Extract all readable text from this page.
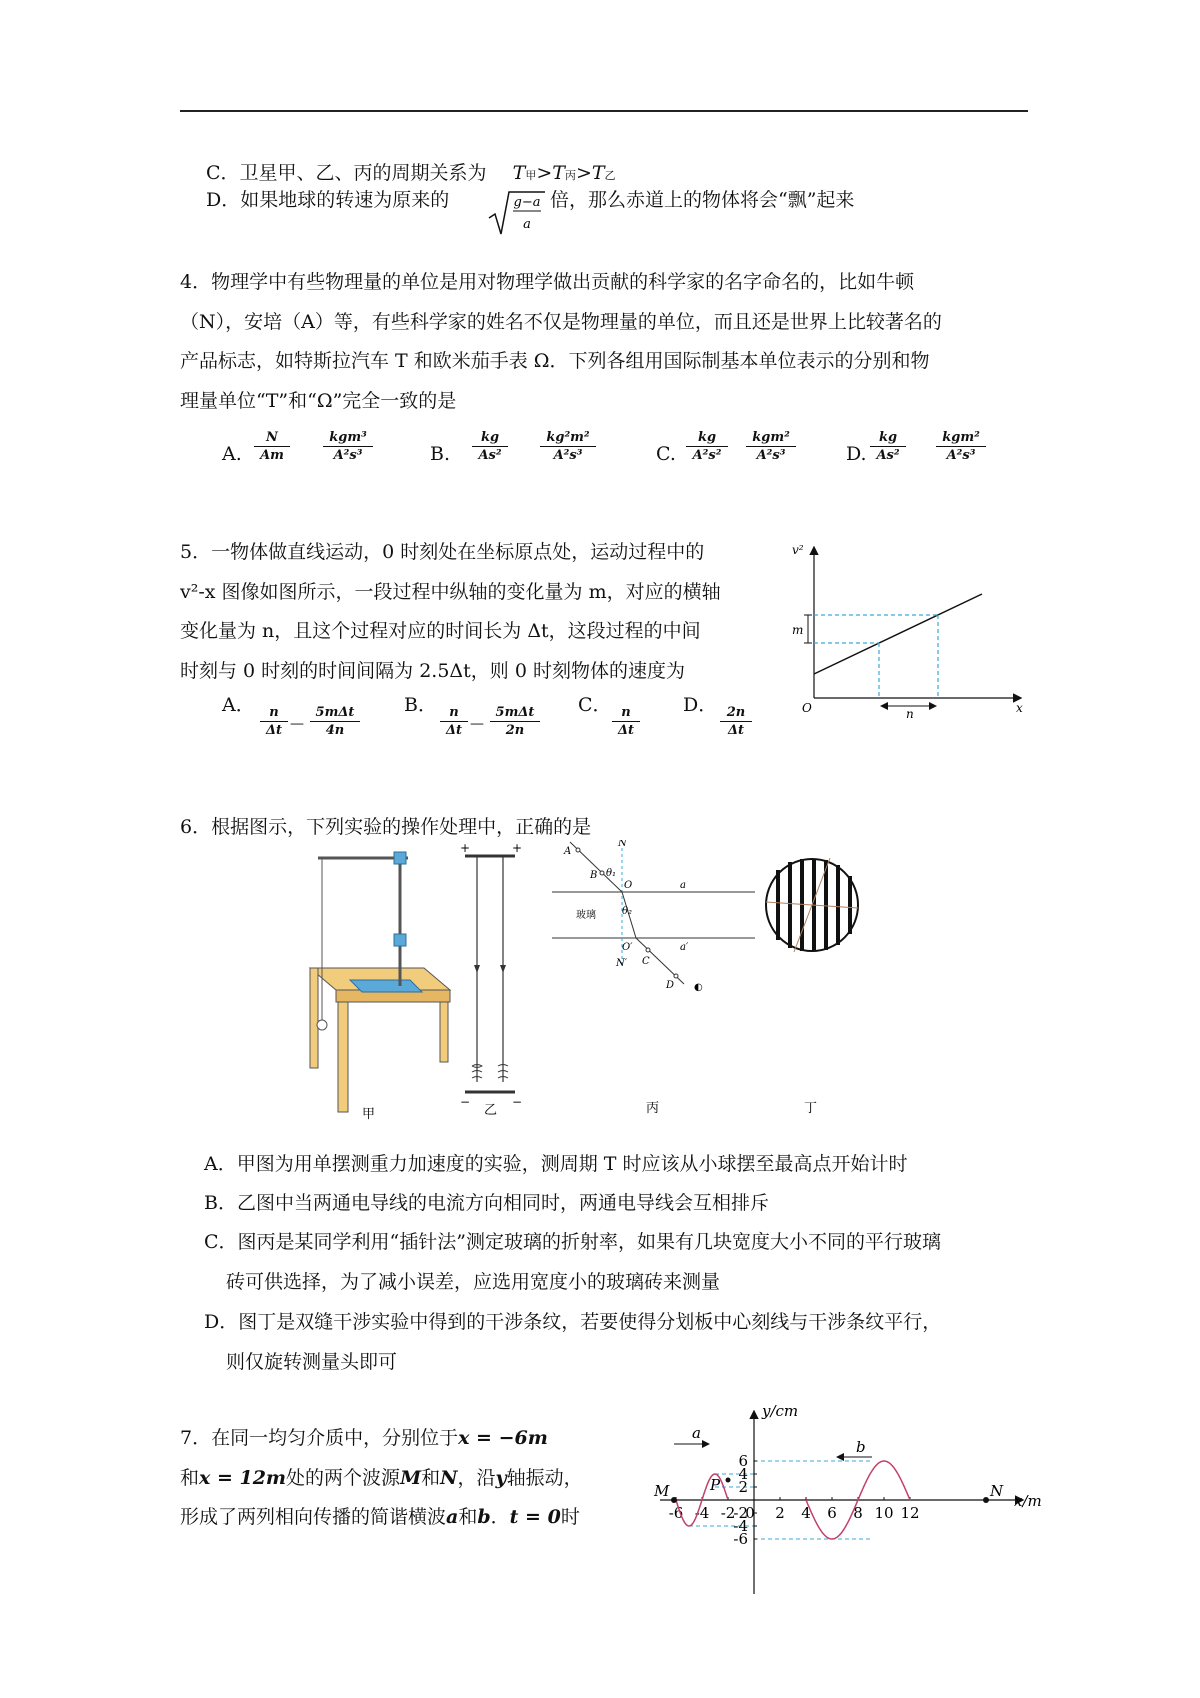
C．卫星甲、乙、丙的周期关系为 T甲>T丙>T乙
D．如果地球的转速为原来的	g−a
a
倍，那么赤道上的物体将会“飘”起来
4．物理学中有些物理量的单位是用对物理学做出贡献的科学家的名字命名的，比如牛顿
（N），安培（A）等，有些科学家的姓名不仅是物理量的单位，而且还是世界上比较著名的
产品标志，如特斯拉汽车 T 和欧米茄手表 Ω．下列各组用国际制基本单位表示的分别和物
理量单位“T”和“Ω”完全一致的是
A. $\frac{N}{Am}$	kgm³
A²s³	B. $\frac{kg}{\text{As²}} \frac{\text{kg²m²}}{\text{A²s³}}$	C. $\frac{kg}{\text{A²s²}}$	kgm²
A²s³	D. $\frac{kg}{\text{As²}}$	kgm²
A²s³
5．一物体做直线运动，0 时刻处在坐标原点处，运动过程中的
v²-x 图像如图所示，一段过程中纵轴的变化量为 m，对应的横轴
变化量为 n，且这个过程对应的时间长为 Δt，这段过程的中间
时刻与 0 时刻的时间间隔为 2.5Δt，则 0 时刻物体的速度为
A． $\frac{n}{\Delta t}$ —
5mΔt
4n
B． $\frac{n}{\Delta t}$ —
5mΔt
2n
C． $\frac{n}{\Delta t}$ D． $\frac{2n}{\Delta t}$
v²
x
O
m
n
6．根据图示，下列实验的操作处理中，正确的是
甲
+	+
−	−
乙
A
N
B θ₁
O	a
玻璃	θ₂
O′	a′
N′ C
D ◐
丙	丁
A．甲图为用单摆测重力加速度的实验，测周期 T 时应该从小球摆至最高点开始计时
B．乙图中当两通电导线的电流方向相同时，两通电导线会互相排斥
C．图丙是某同学利用“插针法”测定玻璃的折射率，如果有几块宽度大小不同的平行玻璃
砖可供选择，为了减小误差，应选用宽度小的玻璃砖来测量
D．图丁是双缝干涉实验中得到的干涉条纹，若要使得分划板中心刻线与干涉条纹平行，
则仅旋转测量头即可
7．在同一均匀介质中，分别位于x = −6m
和x = 12m处的两个波源M和N，沿y轴振动，
形成了两列相向传播的简谐横波a和b．t = 0时	-6 -4 -2 0 2 4 6 8 10 12
6
4
2
-2
-4
-6
y/cm
x/m
a
b
M	N
P
